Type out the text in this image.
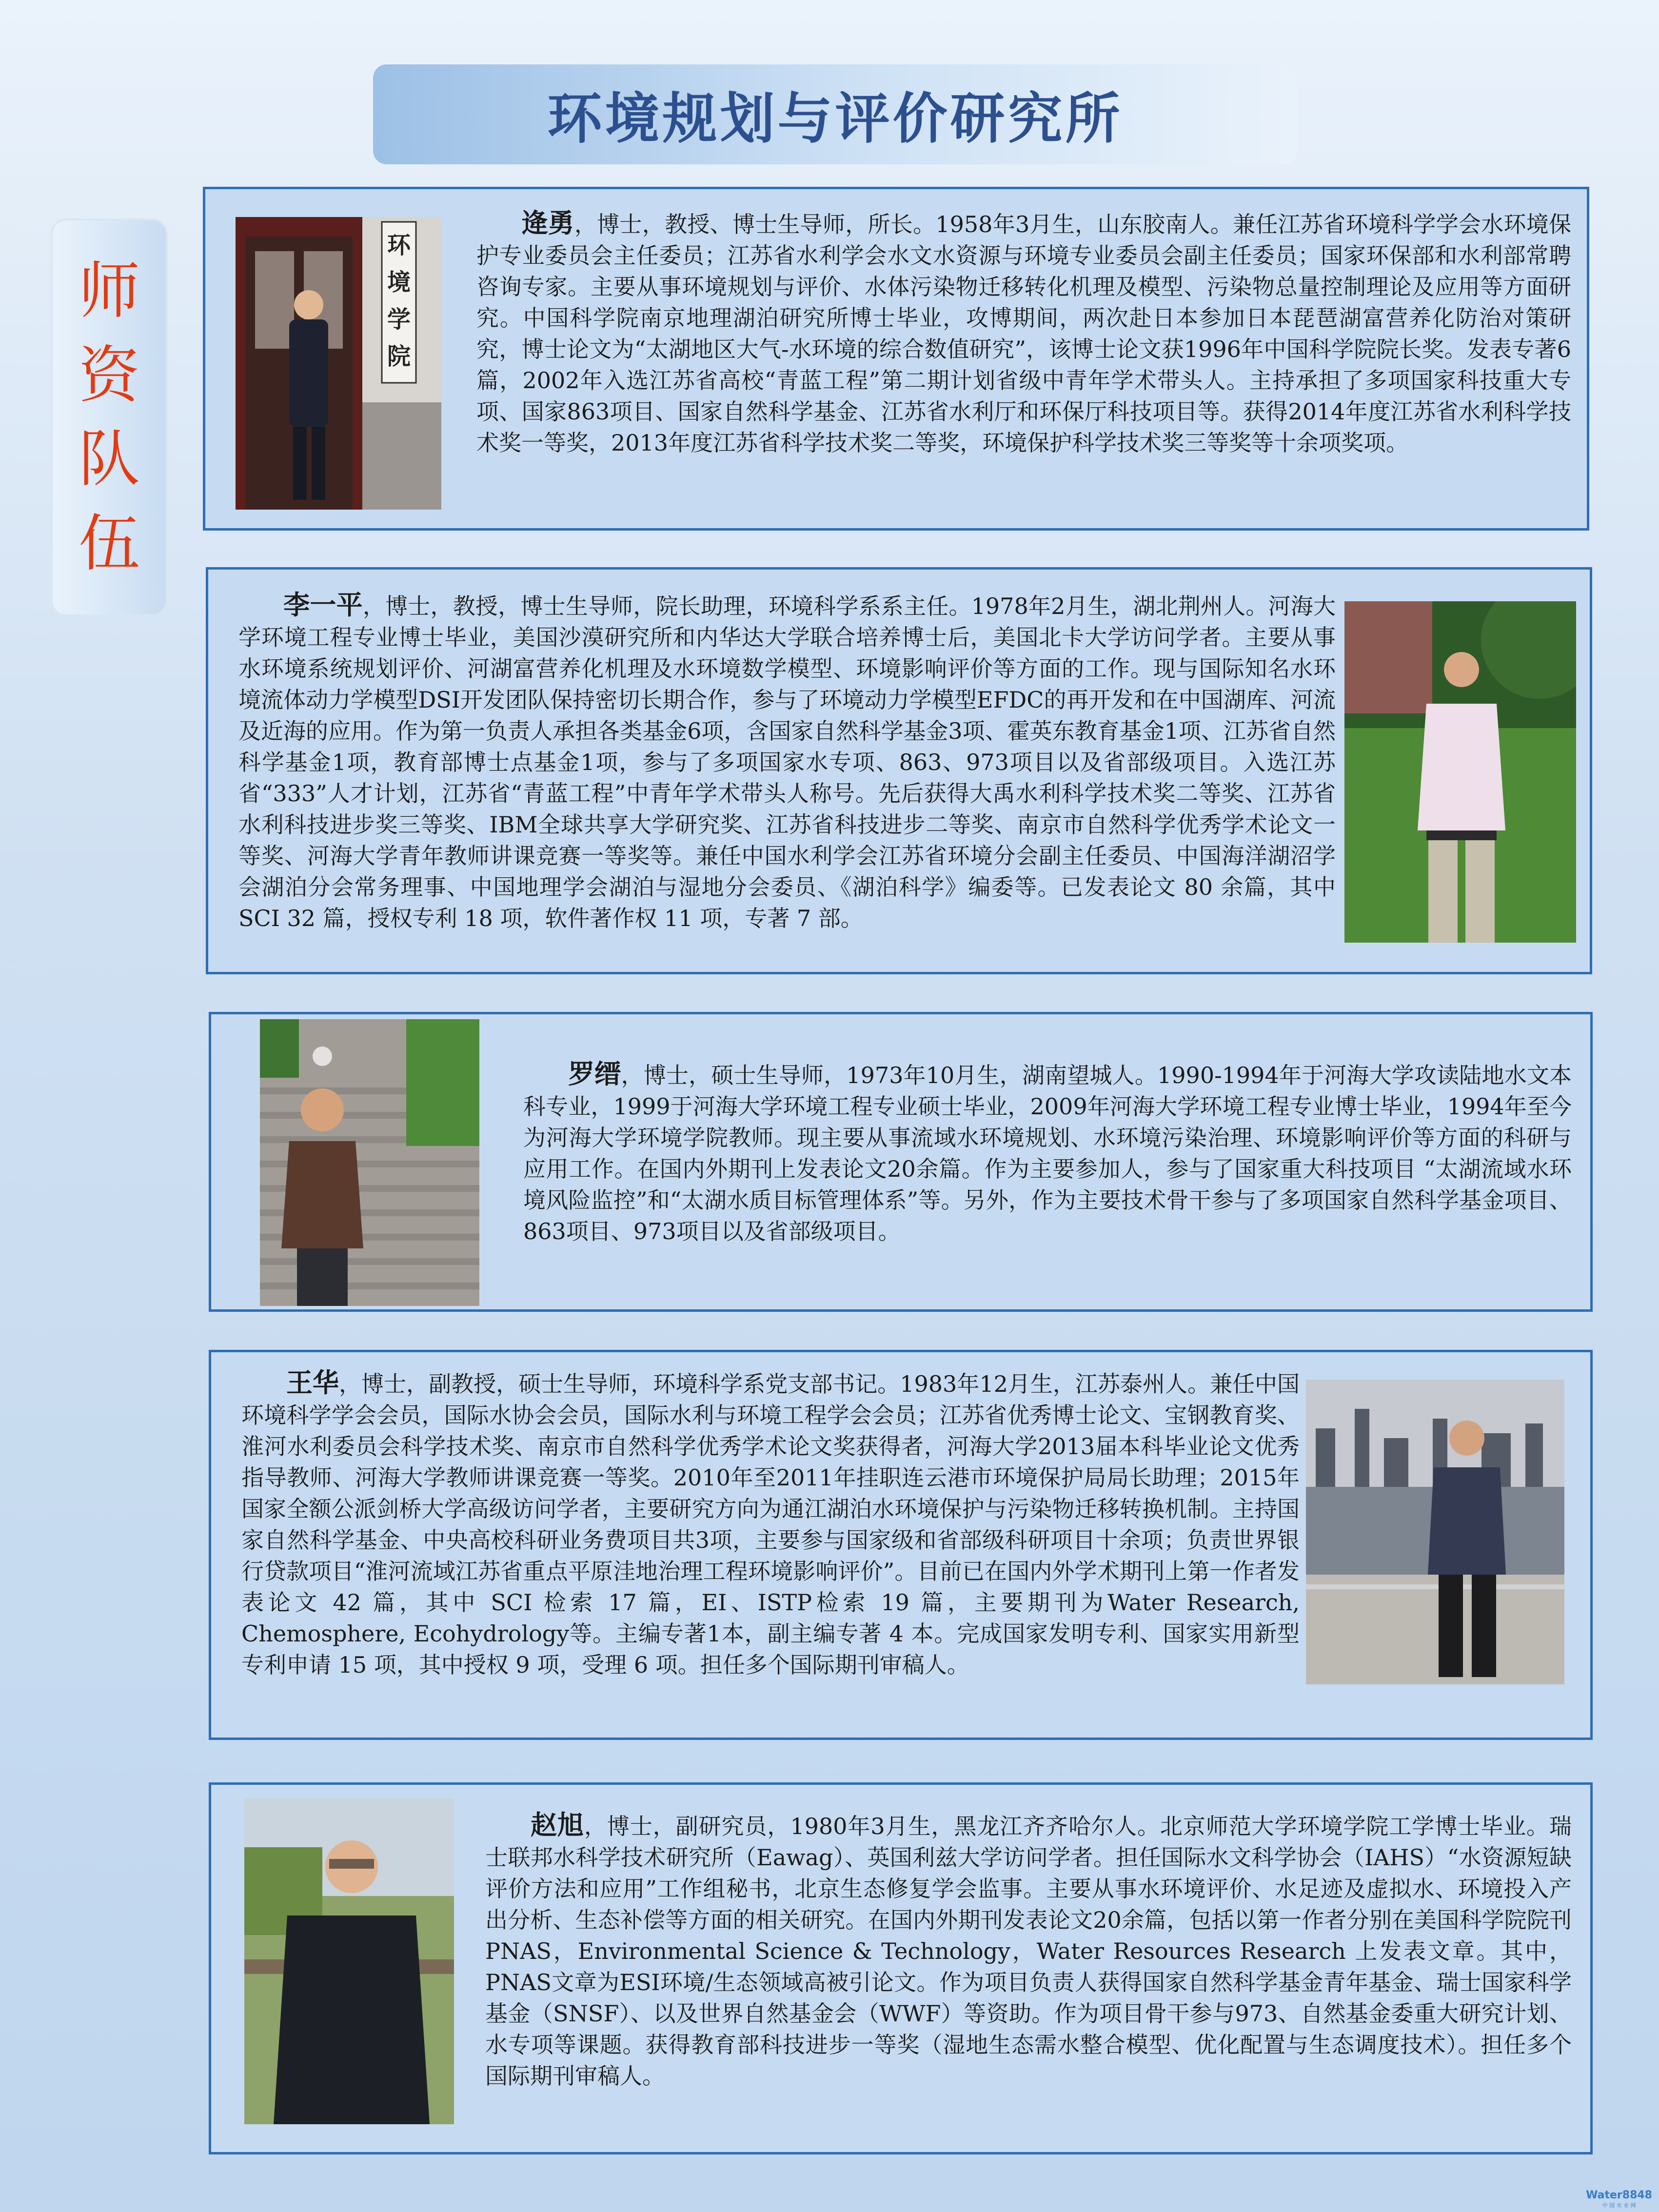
环境规划与评价研究所
师
资
队
伍
环
境
学
院

逄勇，博士，教授、博士生导师，所长。1958年3月生，山东胶南人。兼任江苏省环境科学学会水环境保护专业委员会主任委员；江苏省水利学会水文水资源与环境专业委员会副主任委员；国家环保部和水利部常聘咨询专家。主要从事环境规划与评价、水体污染物迁移转化机理及模型、污染物总量控制理论及应用等方面研究。中国科学院南京地理湖泊研究所博士毕业，攻博期间，两次赴日本参加日本琵琶湖富营养化防治对策研究，博士论文为“太湖地区大气-水环境的综合数值研究”，该博士论文获1996年中国科学院院长奖。发表专著6篇，2002年入选江苏省高校“青蓝工程”第二期计划省级中青年学术带头人。主持承担了多项国家科技重大专项、国家863项目、国家自然科学基金、江苏省水利厅和环保厅科技项目等。获得2014年度江苏省水利科学技术奖一等奖，2013年度江苏省科学技术奖二等奖，环境保护科学技术奖三等奖等十余项奖项。

李一平，博士，教授，博士生导师，院长助理，环境科学系系主任。1978年2月生，湖北荆州人。河海大学环境工程专业博士毕业，美国沙漠研究所和内华达大学联合培养博士后，美国北卡大学访问学者。主要从事水环境系统规划评价、河湖富营养化机理及水环境数学模型、环境影响评价等方面的工作。现与国际知名水环境流体动力学模型DSI开发团队保持密切长期合作，参与了环境动力学模型EFDC的再开发和在中国湖库、河流及近海的应用。作为第一负责人承担各类基金6项，含国家自然科学基金3项、霍英东教育基金1项、江苏省自然科学基金1项，教育部博士点基金1项，参与了多项国家水专项、863、973项目以及省部级项目。入选江苏省“333”人才计划，江苏省“青蓝工程”中青年学术带头人称号。先后获得大禹水利科学技术奖二等奖、江苏省水利科技进步奖三等奖、IBM全球共享大学研究奖、江苏省科技进步二等奖、南京市自然科学优秀学术论文一等奖、河海大学青年教师讲课竞赛一等奖等。兼任中国水利学会江苏省环境分会副主任委员、中国海洋湖沼学会湖泊分会常务理事、中国地理学会湖泊与湿地分会委员、《湖泊科学》编委等。已发表论文 80 余篇，其中SCI 32 篇，授权专利 18 项，软件著作权 11 项，专著 7 部。

罗缙，博士，硕士生导师，1973年10月生，湖南望城人。1990-1994年于河海大学攻读陆地水文本科专业，1999于河海大学环境工程专业硕士毕业，2009年河海大学环境工程专业博士毕业，1994年至今为河海大学环境学院教师。现主要从事流域水环境规划、水环境污染治理、环境影响评价等方面的科研与应用工作。在国内外期刊上发表论文20余篇。作为主要参加人，参与了国家重大科技项目 “太湖流域水环境风险监控”和“太湖水质目标管理体系”等。另外，作为主要技术骨干参与了多项国家自然科学基金项目、863项目、973项目以及省部级项目。

王华，博士，副教授，硕士生导师，环境科学系党支部书记。1983年12月生，江苏泰州人。兼任中国环境科学学会会员，国际水协会会员，国际水利与环境工程学会会员；江苏省优秀博士论文、宝钢教育奖、淮河水利委员会科学技术奖、南京市自然科学优秀学术论文奖获得者，河海大学2013届本科毕业论文优秀指导教师、河海大学教师讲课竞赛一等奖。2010年至2011年挂职连云港市环境保护局局长助理；2015年国家全额公派剑桥大学高级访问学者，主要研究方向为通江湖泊水环境保护与污染物迁移转换机制。主持国家自然科学基金、中央高校科研业务费项目共3项，主要参与国家级和省部级科研项目十余项；负责世界银行贷款项目“淮河流域江苏省重点平原洼地治理工程环境影响评价”。目前已在国内外学术期刊上第一作者发表论文 42 篇，其中 SCI 检索 17 篇，EI、ISTP检索 19 篇，主要期刊为Water Research, Chemosphere, Ecohydrology等。主编专著1本，副主编专著 4 本。完成国家发明专利、国家实用新型专利申请 15 项，其中授权 9 项，受理 6 项。担任多个国际期刊审稿人。

赵旭，博士，副研究员，1980年3月生，黑龙江齐齐哈尔人。北京师范大学环境学院工学博士毕业。瑞士联邦水科学技术研究所（Eawag）、英国利兹大学访问学者。担任国际水文科学协会（IAHS）“水资源短缺评价方法和应用”工作组秘书，北京生态修复学会监事。主要从事水环境评价、水足迹及虚拟水、环境投入产出分析、生态补偿等方面的相关研究。在国内外期刊发表论文20余篇，包括以第一作者分别在美国科学院院刊PNAS，Environmental Science & Technology，Water Resources Research 上发表文章。其中，PNAS文章为ESI环境/生态领域高被引论文。作为项目负责人获得国家自然科学基金青年基金、瑞士国家科学基金（SNSF）、以及世界自然基金会（WWF）等资助。作为项目骨干参与973、自然基金委重大研究计划、水专项等课题。获得教育部科技进步一等奖（湿地生态需水整合模型、优化配置与生态调度技术）。担任多个国际期刊审稿人。

Water8848
中 国 水 业 网
